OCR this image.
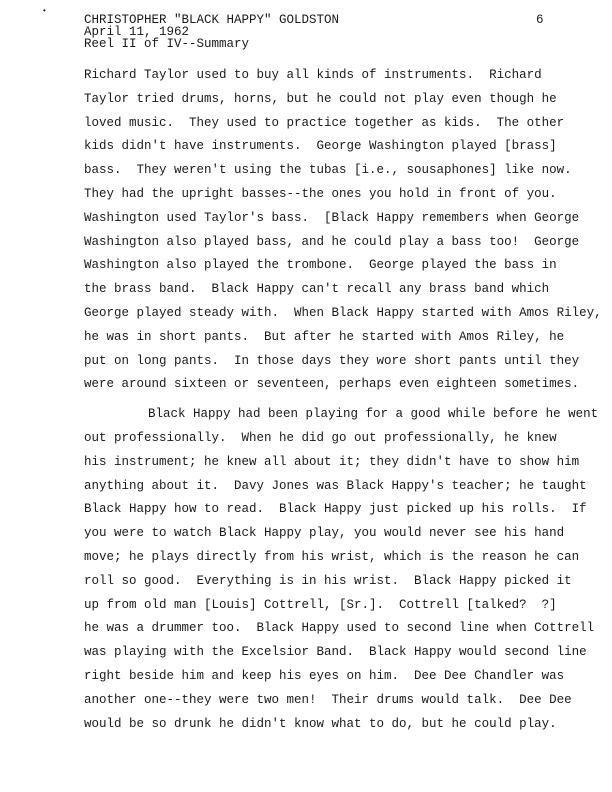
•
CHRISTOPHER "BLACK HAPPY" GOLDSTON
April 11, 1962
Reel II of IV--Summary
6
Richard Taylor used to buy all kinds of instruments.  Richard
Taylor tried drums, horns, but he could not play even though he
loved music.  They used to practice together as kids.  The other
kids didn't have instruments.  George Washington played [brass]
bass.  They weren't using the tubas [i.e., sousaphones] like now.
They had the upright basses--the ones you hold in front of you.
Washington used Taylor's bass.  [Black Happy remembers when George
Washington also played bass, and he could play a bass too!  George
Washington also played the trombone.  George played the bass in
the brass band.  Black Happy can't recall any brass band which
George played steady with.  When Black Happy started with Amos Riley,
he was in short pants.  But after he started with Amos Riley, he
put on long pants.  In those days they wore short pants until they
were around sixteen or seventeen, perhaps even eighteen sometimes.
Black Happy had been playing for a good while before he went
out professionally.  When he did go out professionally, he knew
his instrument; he knew all about it; they didn't have to show him
anything about it.  Davy Jones was Black Happy's teacher; he taught
Black Happy how to read.  Black Happy just picked up his rolls.  If
you were to watch Black Happy play, you would never see his hand
move; he plays directly from his wrist, which is the reason he can
roll so good.  Everything is in his wrist.  Black Happy picked it
up from old man [Louis] Cottrell, [Sr.].  Cottrell [talked?  ?]
he was a drummer too.  Black Happy used to second line when Cottrell
was playing with the Excelsior Band.  Black Happy would second line
right beside him and keep his eyes on him.  Dee Dee Chandler was
another one--they were two men!  Their drums would talk.  Dee Dee
would be so drunk he didn't know what to do, but he could play.
